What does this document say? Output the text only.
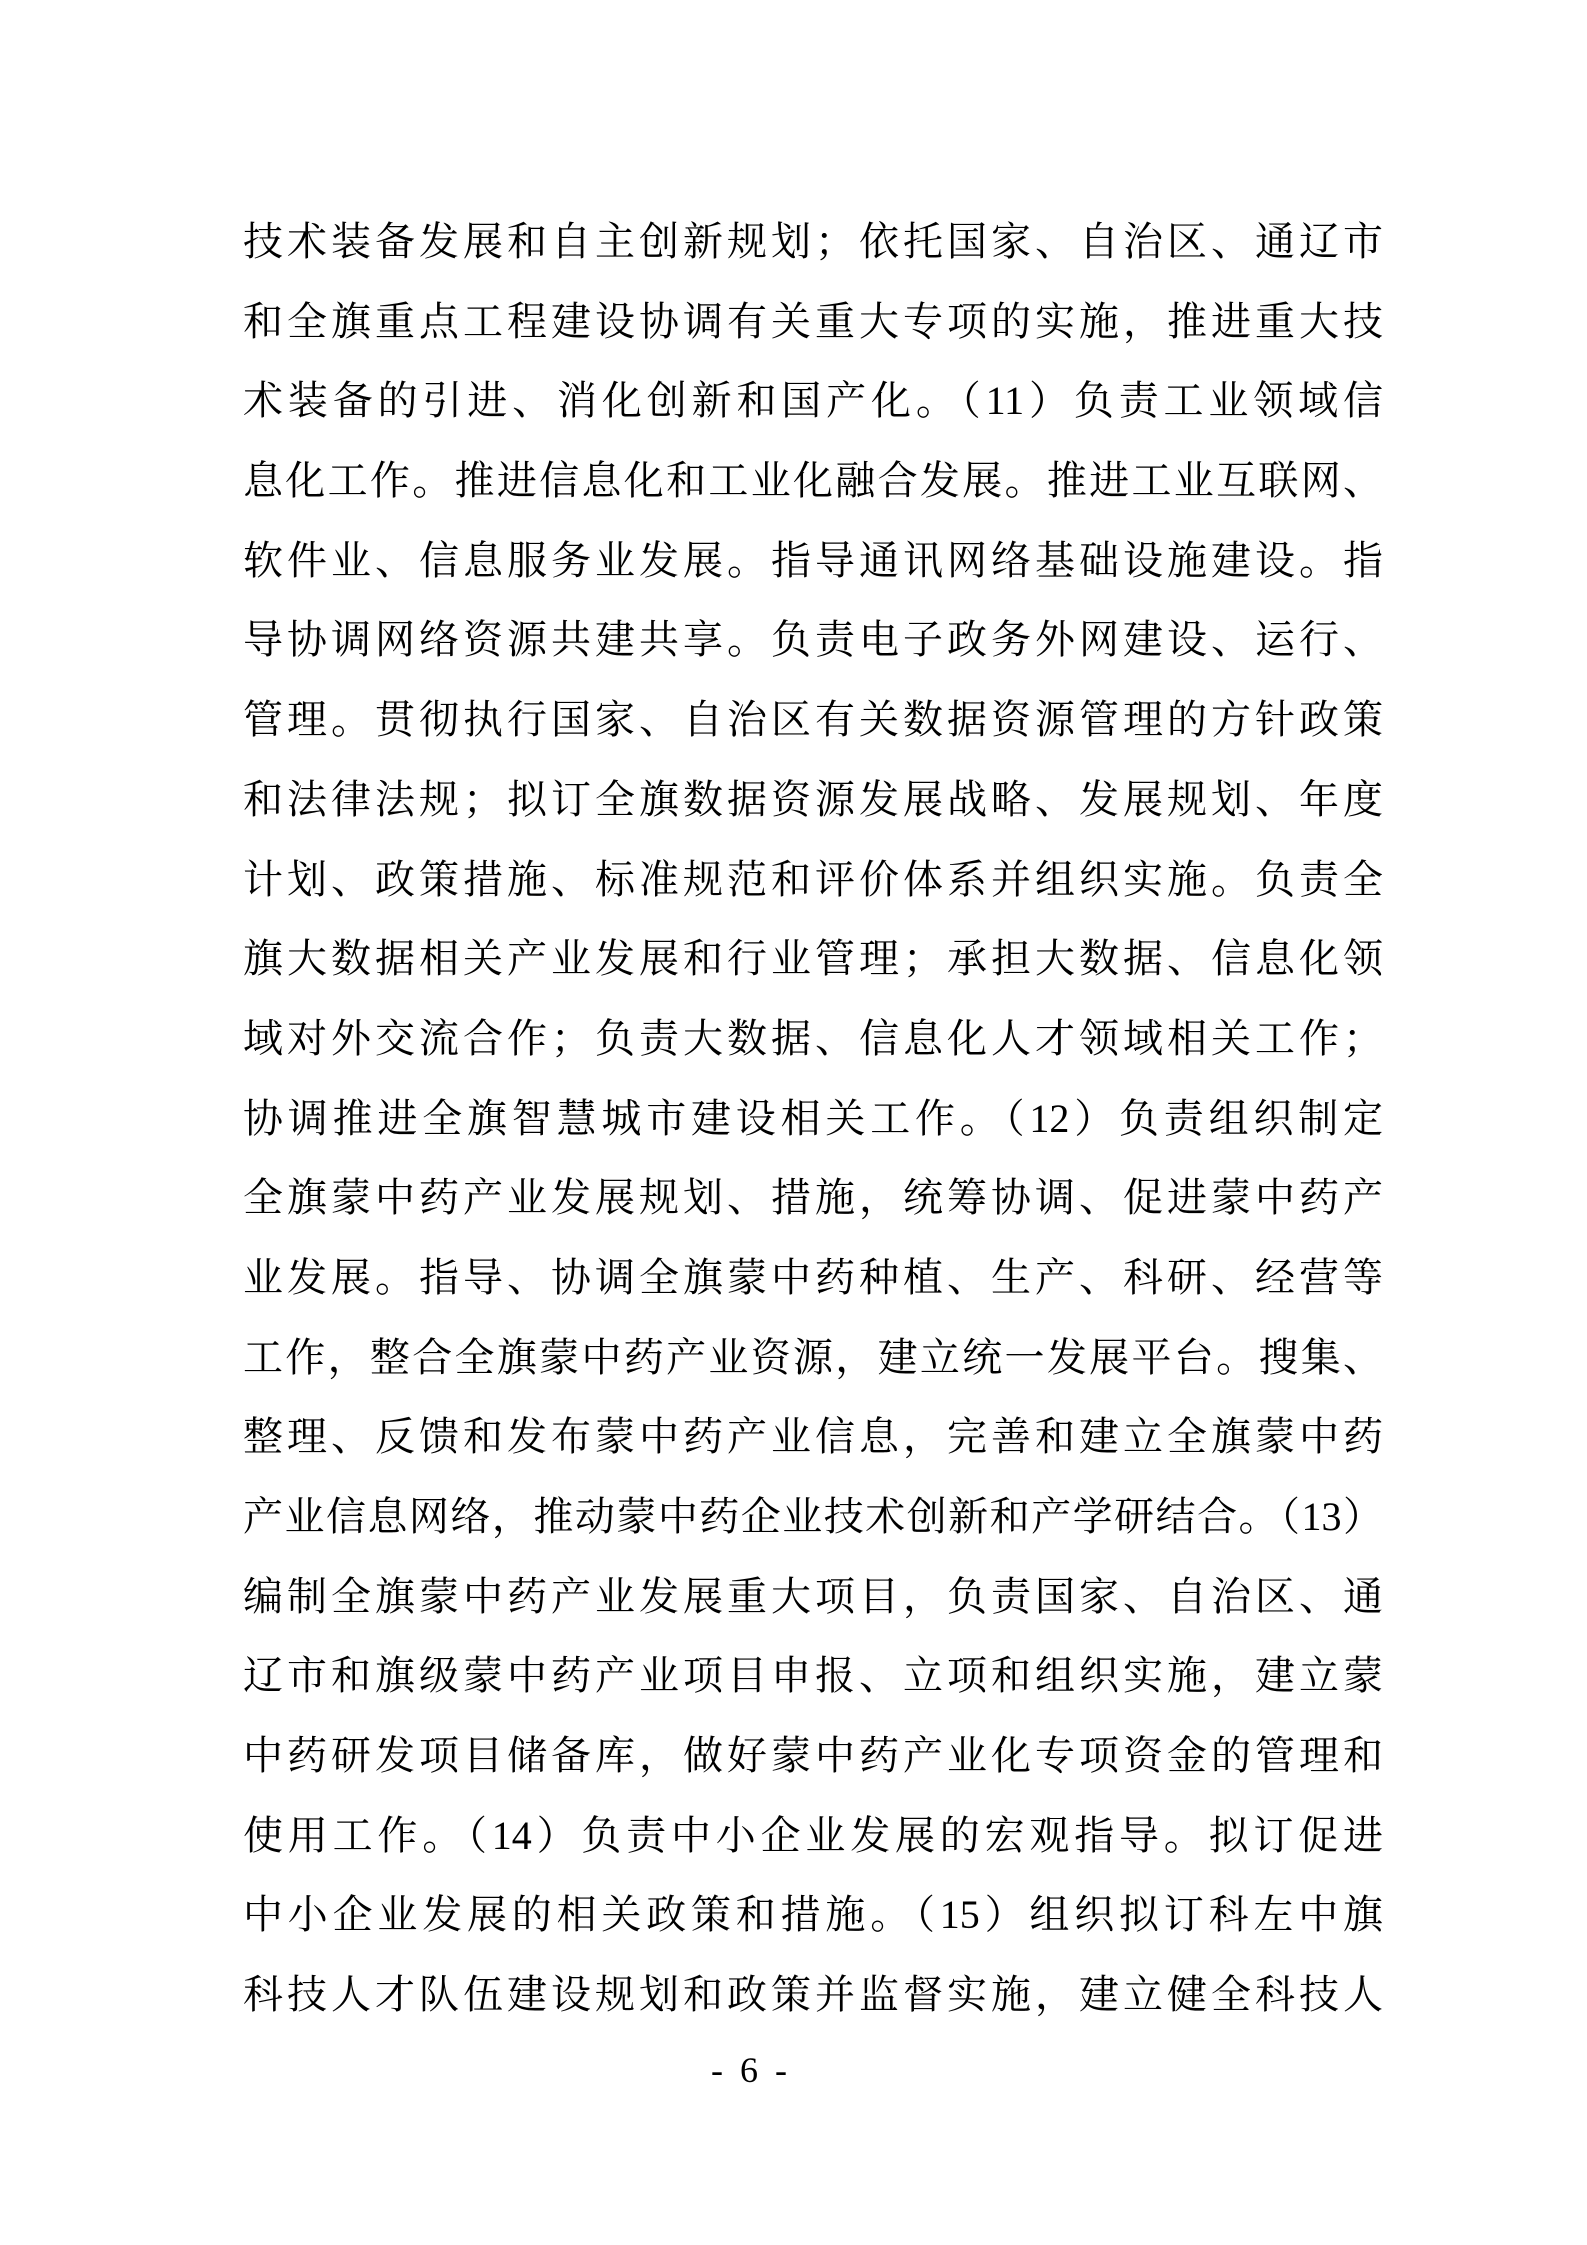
技术装备发展和自主创新规划；依托国家、自治区、通辽市
和全旗重点工程建设协调有关重大专项的实施，推进重大技
术装备的引进、消化创新和国产化。（11）负责工业领域信
息化工作。推进信息化和工业化融合发展。推进工业互联网、
软件业、信息服务业发展。指导通讯网络基础设施建设。指
导协调网络资源共建共享。负责电子政务外网建设、运行、
管理。贯彻执行国家、自治区有关数据资源管理的方针政策
和法律法规；拟订全旗数据资源发展战略、发展规划、年度
计划、政策措施、标准规范和评价体系并组织实施。负责全
旗大数据相关产业发展和行业管理；承担大数据、信息化领
域对外交流合作；负责大数据、信息化人才领域相关工作；
协调推进全旗智慧城市建设相关工作。（12）负责组织制定
全旗蒙中药产业发展规划、措施，统筹协调、促进蒙中药产
业发展。指导、协调全旗蒙中药种植、生产、科研、经营等
工作，整合全旗蒙中药产业资源，建立统一发展平台。搜集、
整理、反馈和发布蒙中药产业信息，完善和建立全旗蒙中药
产业信息网络，推动蒙中药企业技术创新和产学研结合。（13）
编制全旗蒙中药产业发展重大项目，负责国家、自治区、通
辽市和旗级蒙中药产业项目申报、立项和组织实施，建立蒙
中药研发项目储备库，做好蒙中药产业化专项资金的管理和
使用工作。（14）负责中小企业发展的宏观指导。拟订促进
中小企业发展的相关政策和措施。（15）组织拟订科左中旗
科技人才队伍建设规划和政策并监督实施，建立健全科技人
- 6 -
